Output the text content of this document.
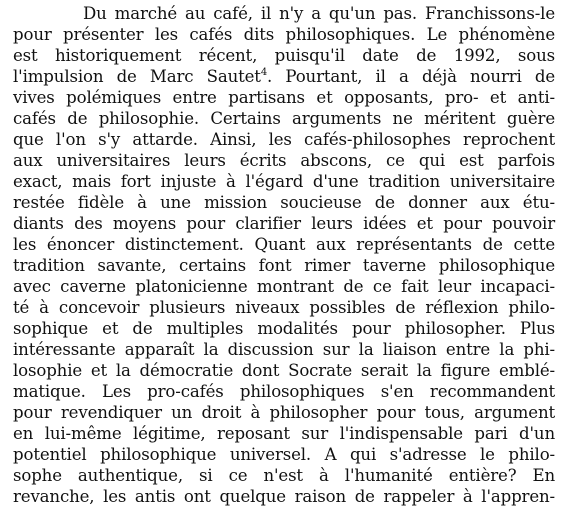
Du marché au café, il n'y a qu'un pas. Franchissons-le
pour présenter les cafés dits philosophiques. Le phénomène
est historiquement récent, puisqu'il date de 1992, sous
l'impulsion de Marc Sautet$^4$. Pourtant, il a déjà nourri de
vives polémiques entre partisans et opposants, pro- et anti-
cafés de philosophie. Certains arguments ne méritent guère
que l'on s'y attarde. Ainsi, les cafés-philosophes reprochent
aux universitaires leurs écrits abscons, ce qui est parfois
exact, mais fort injuste à l'égard d'une tradition universitaire
restée fidèle à une mission soucieuse de donner aux étu-
diants des moyens pour clarifier leurs idées et pour pouvoir
les énoncer distinctement. Quant aux représentants de cette
tradition savante, certains font rimer taverne philosophique
avec caverne platonicienne montrant de ce fait leur incapaci-
té à concevoir plusieurs niveaux possibles de réflexion philo-
sophique et de multiples modalités pour philosopher. Plus
intéressante apparaît la discussion sur la liaison entre la phi-
losophie et la démocratie dont Socrate serait la figure emblé-
matique. Les pro-cafés philosophiques s'en recommandent
pour revendiquer un droit à philosopher pour tous, argument
en lui-même légitime, reposant sur l'indispensable pari d'un
potentiel philosophique universel. A qui s'adresse le philo-
sophe authentique, si ce n'est à l'humanité entière? En
revanche, les antis ont quelque raison de rappeler à l'appren-
